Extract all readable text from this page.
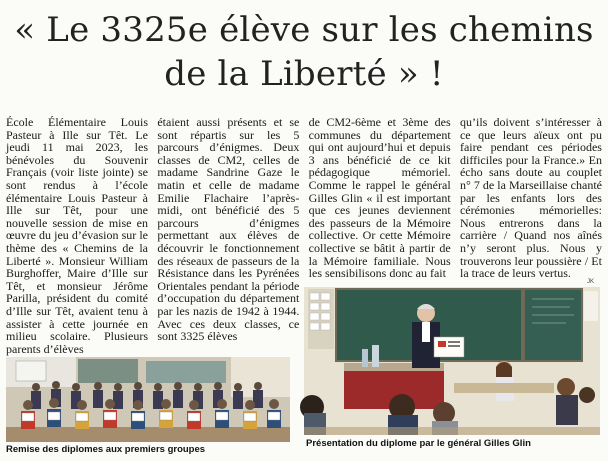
« Le 3325e élève sur les chemins
de la Liberté » !

École Élémentaire Louis Pasteur à Ille sur Têt. Le jeudi 11 mai 2023, les bénévoles du Souvenir Français (voir liste jointe) se sont rendus à l’école élémentaire Louis Pasteur à Ille sur Têt, pour une nouvelle session de mise en œuvre du jeu d’évasion sur le thème des « Chemins de la Liberté ». Monsieur William Burghoffer, Maire d’Ille sur Têt, et monsieur Jérôme Parilla, président du comité d’Ille sur Têt, avaient tenu à assister à cette journée en milieu scolaire. Plusieurs parents d’élèves

étaient aussi présents et se sont répartis sur les 5 parcours d’énigmes. Deux classes de CM2, celles de madame Sandrine Gaze le matin et celle de madame Emilie Flachaire l’après-midi, ont bénéficié des 5 parcours d’énigmes permettant aux élèves de découvrir le fonctionnement des réseaux de passeurs de la Résistance dans les Pyrénées Orientales pendant la période d’occupation du département par les nazis de 1942 à 1944. Avec ces deux classes, ce sont 3325 élèves

de CM2-6ème et 3ème des communes du département qui ont aujourd’hui et depuis 3 ans bénéficié de ce kit pédagogique mémoriel. Comme le rappel le général Gilles Glin « il est important que ces jeunes deviennent des passeurs de la Mémoire collective. Or cette Mémoire collective se bâtit à partir de la Mémoire familiale. Nous les sensibilisons donc au fait

qu’ils doivent s’intéresser à ce que leurs aïeux ont pu faire pendant ces périodes difficiles pour la France.» En écho sans doute au couplet n° 7 de la Marseillaise chanté par les enfants lors des cérémonies mémorielles: Nous entrerons dans la carrière / Quand nos aînés n’y seront plus. Nous y trouverons leur poussière / Et la trace de leurs vertus.

JK
Remise des diplomes aux premiers groupes
Présentation du diplome par le général Gilles Glin
